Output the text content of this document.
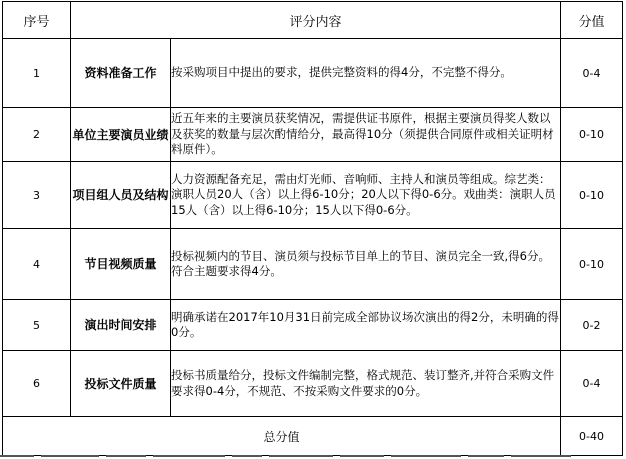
序号	评分内容		分值
1	资料准备工作	按采购项目中提出的要求，提供完整资料的得4分，不完整不得分。	0-4
2	单位主要演员业绩	近五年来的主要演员获奖情况，需提供证书原件，根据主要演员得奖人数以及获奖的数量与层次酌情给分，最高得10分（须提供合同原件或相关证明材料原件）。	0-10
3	项目组人员及结构	人力资源配备充足，需由灯光师、音响师、主持人和演员等组成。综艺类：演职人员20人（含）以上得6-10分；20人以下得0-6分。戏曲类：演职人员15人（含）以上得6-10分；15人以下得0-6分。	0-10
4	节目视频质量	投标视频内的节目、演员须与投标节目单上的节目、演员完全一致,得6分。符合主题要求得4分。	0-10
5	演出时间安排	明确承诺在2017年10月31日前完成全部协议场次演出的得2分，未明确的得0分。	0-2
6	投标文件质量	投标书质量给分，投标文件编制完整，格式规范、装订整齐,并符合采购文件要求得0-4分，不规范、不按采购文件要求的0分。	0-4
总分值			0-40
